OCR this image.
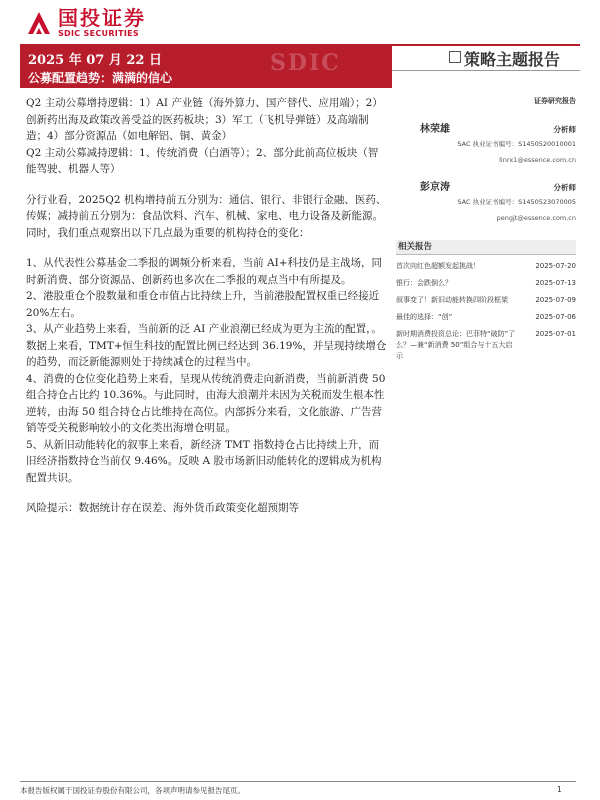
国投证券
SDIC SECURITIES
2025 年 07 月 22 日
公募配置趋势：满满的信心
SDIC	策略主题报告

Q2 主动公募增持逻辑：1）AI 产业链（海外算力、国产替代、应用端）；2）创新药出海及政策改善受益的医药板块；3）军工（飞机导弹链）及高端制造；4）部分资源品（如电解铝、铜、黄金）

Q2 主动公募减持逻辑：1、传统消费（白酒等）；2、部分此前高位板块（智能驾驶、机器人等）

分行业看，2025Q2 机构增持前五分别为：通信、银行、非银行金融、医药、传媒；减持前五分别为：食品饮料、汽车、机械、家电、电力设备及新能源。同时，我们重点观察出以下几点最为重要的机构持仓的变化：

1、从代表性公募基金二季报的调频分析来看，当前 AI+科技仍是主战场，同时新消费、部分资源品、创新药也多次在二季报的观点当中有所提及。

2、港股重仓个股数量和重仓市值占比持续上升，当前港股配置权重已经接近 20%左右。

3、从产业趋势上来看，当前新的泛 AI 产业浪潮已经成为更为主流的配置，。数据上来看，TMT+恒生科技的配置比例已经达到 36.19%，并呈现持续增仓的趋势，而泛新能源则处于持续减仓的过程当中。

4、消费的仓位变化趋势上来看，呈现从传统消费走向新消费，当前新消费 50 组合持仓占比约 10.36%。与此同时，由海大浪潮并未因为关税而发生根本性逆转，由海 50 组合持仓占比维持在高位。内部拆分来看，文化旅游、广告营销等受关税影响较小的文化类出海增仓明显。

5、从新旧动能转化的叙事上来看，新经济 TMT 指数持仓占比持续上升，而旧经济指数持仓当前仅 9.46%。反映 A 股市场新旧动能转化的逻辑成为机构配置共识。

风险提示：数据统计存在误差、海外货币政策变化超预期等

证券研究报告
林荣雄	分析师
SAC 执业证书编号：S1450520010001
linrx1@essence.com.cn
彭京涛	分析师
SAC 执业证书编号：S1450523070005
pengjt@essence.com.cn
相关报告
首次向红色超额发起挑战！	2025-07-20
银行：会跌倒么？	2025-07-13
叙事变了！新旧动能转换四阶段框架	2025-07-09
最佳的选择：“创”	2025-07-06
新时期消费投资总论：巴菲特“破防”了么？—兼“新消费 50”组合与十五大启示
2025-07-01
本报告版权属于国投证券股份有限公司，各项声明请参见报告尾页。	1
